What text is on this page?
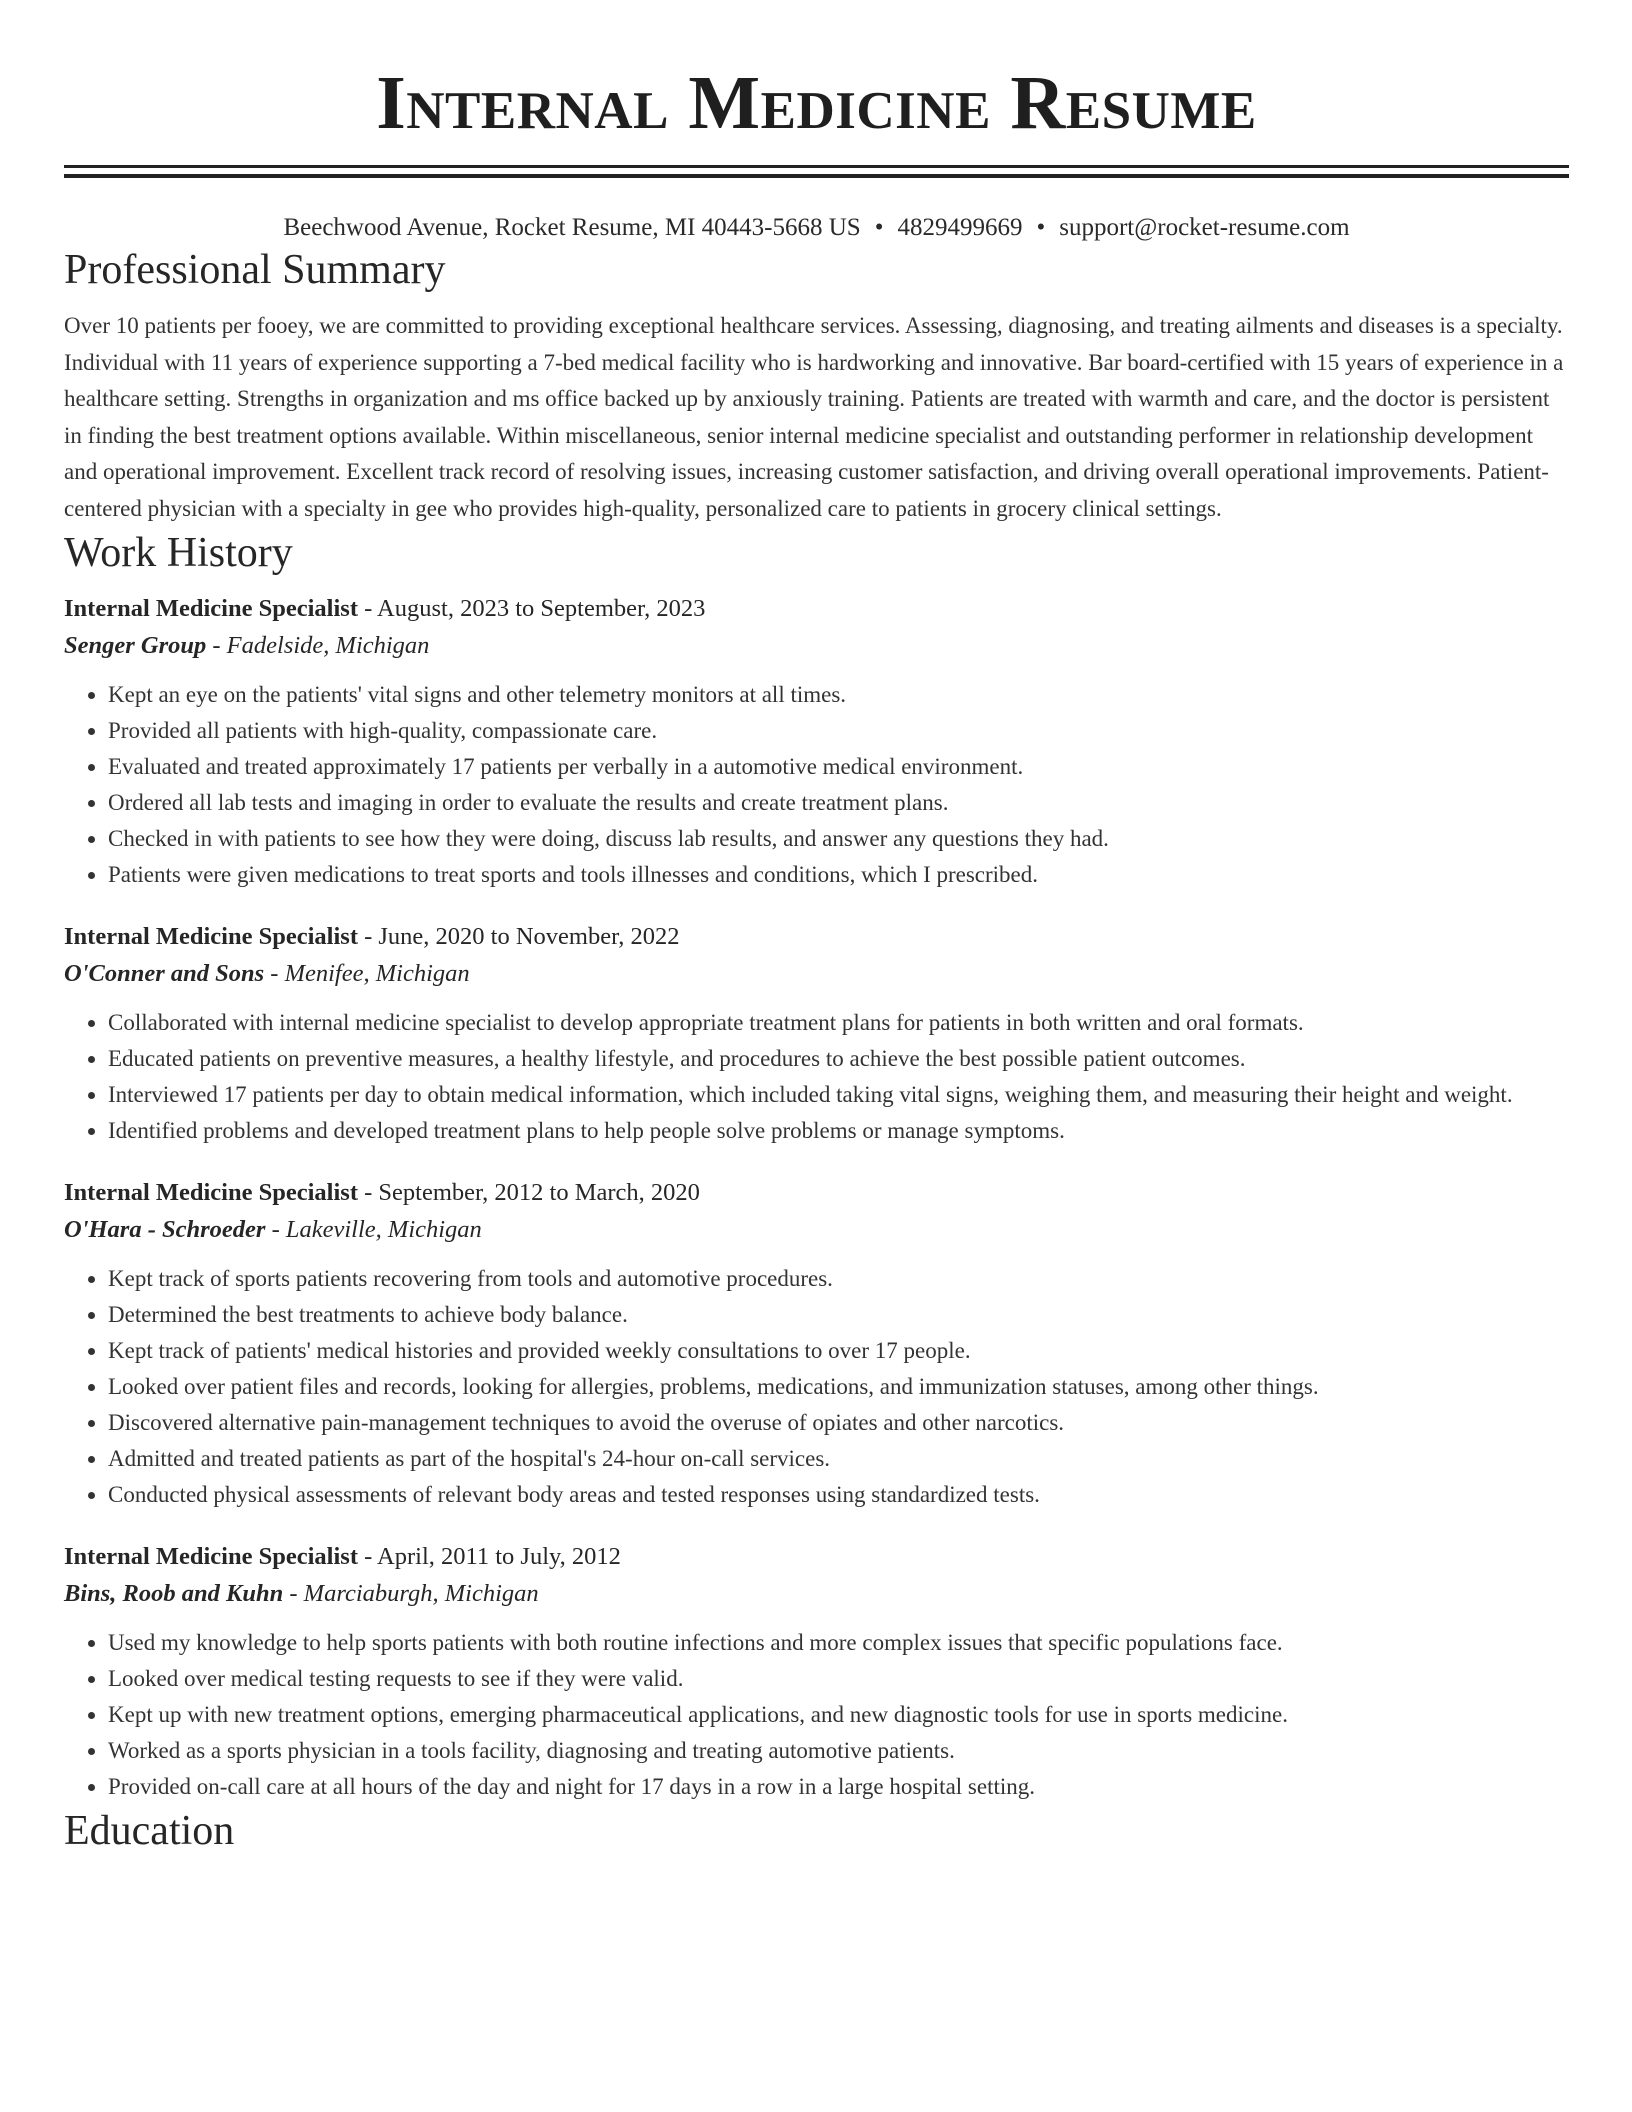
Internal Medicine Resume
Beechwood Avenue, Rocket Resume, MI 40443-5668 US • 4829499669 • support@rocket-resume.com
Professional Summary

Over 10 patients per fooey, we are committed to providing exceptional healthcare services. Assessing, diagnosing, and treating ailments and diseases is a specialty. Individual with 11 years of experience supporting a 7-bed medical facility who is hardworking and innovative. Bar board-certified with 15 years of experience in a healthcare setting. Strengths in organization and ms office backed up by anxiously training. Patients are treated with warmth and care, and the doctor is persistent in finding the best treatment options available. Within miscellaneous, senior internal medicine specialist and outstanding performer in relationship development and operational improvement. Excellent track record of resolving issues, increasing customer satisfaction, and driving overall operational improvements. Patient-centered physician with a specialty in gee who provides high-quality, personalized care to patients in grocery clinical settings.

Work History
Internal Medicine Specialist - August, 2023 to September, 2023
Senger Group - Fadelside, Michigan
• Kept an eye on the patients' vital signs and other telemetry monitors at all times.
• Provided all patients with high-quality, compassionate care.
• Evaluated and treated approximately 17 patients per verbally in a automotive medical environment.
• Ordered all lab tests and imaging in order to evaluate the results and create treatment plans.
• Checked in with patients to see how they were doing, discuss lab results, and answer any questions they had.
• Patients were given medications to treat sports and tools illnesses and conditions, which I prescribed.
Internal Medicine Specialist - June, 2020 to November, 2022
O'Conner and Sons - Menifee, Michigan
• Collaborated with internal medicine specialist to develop appropriate treatment plans for patients in both written and oral formats.
• Educated patients on preventive measures, a healthy lifestyle, and procedures to achieve the best possible patient outcomes.
• Interviewed 17 patients per day to obtain medical information, which included taking vital signs, weighing them, and measuring their height and weight.
• Identified problems and developed treatment plans to help people solve problems or manage symptoms.
Internal Medicine Specialist - September, 2012 to March, 2020
O'Hara - Schroeder - Lakeville, Michigan
• Kept track of sports patients recovering from tools and automotive procedures.
• Determined the best treatments to achieve body balance.
• Kept track of patients' medical histories and provided weekly consultations to over 17 people.
• Looked over patient files and records, looking for allergies, problems, medications, and immunization statuses, among other things.
• Discovered alternative pain-management techniques to avoid the overuse of opiates and other narcotics.
• Admitted and treated patients as part of the hospital's 24-hour on-call services.
• Conducted physical assessments of relevant body areas and tested responses using standardized tests.
Internal Medicine Specialist - April, 2011 to July, 2012
Bins, Roob and Kuhn - Marciaburgh, Michigan
• Used my knowledge to help sports patients with both routine infections and more complex issues that specific populations face.
• Looked over medical testing requests to see if they were valid.
• Kept up with new treatment options, emerging pharmaceutical applications, and new diagnostic tools for use in sports medicine.
• Worked as a sports physician in a tools facility, diagnosing and treating automotive patients.
• Provided on-call care at all hours of the day and night for 17 days in a row in a large hospital setting.
Education
